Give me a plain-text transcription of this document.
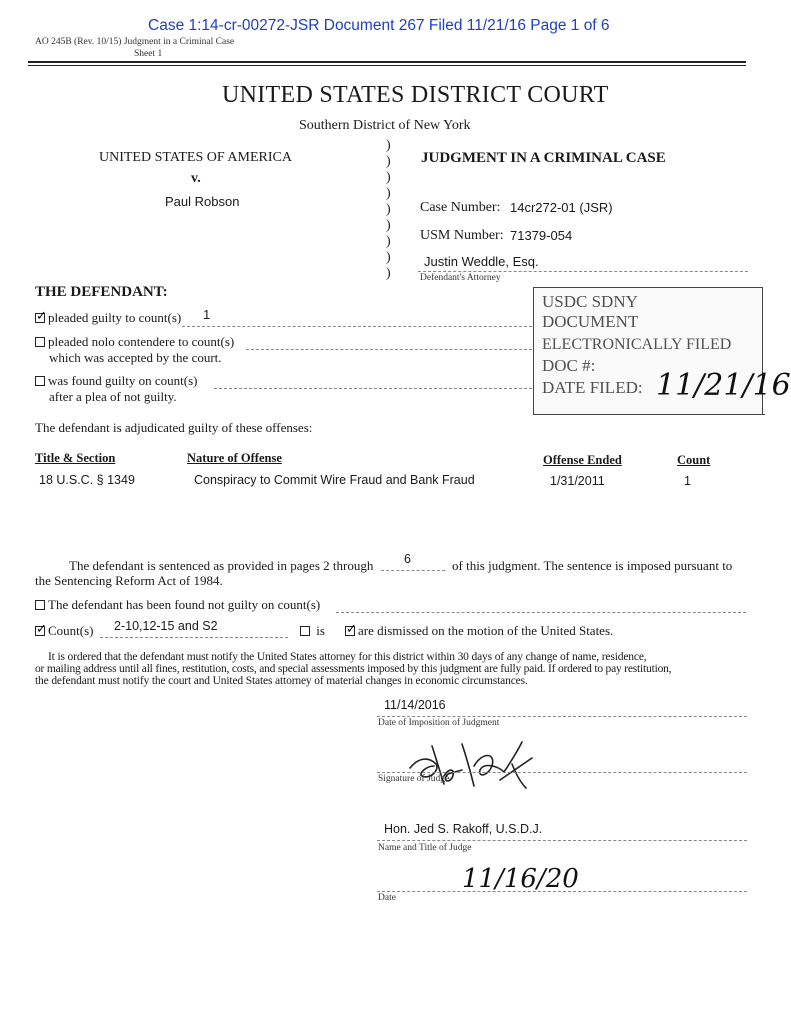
Case 1:14-cr-00272-JSR Document 267 Filed 11/21/16 Page 1 of 6
AO 245B (Rev. 10/15) Judgment in a Criminal Case
Sheet 1
UNITED STATES DISTRICT COURT
Southern District of New York
UNITED STATES OF AMERICA
v.
Paul Robson
)
)
)
)
)
)
)
)
)
JUDGMENT IN A CRIMINAL CASE
Case Number: 14cr272-01 (JSR)
USM Number: 71379-054
Justin Weddle, Esq.
Defendant's Attorney
THE DEFENDANT:
✓pleaded guilty to count(s) 1
pleaded nolo contendere to count(s)
which was accepted by the court.
was found guilty on count(s)
after a plea of not guilty.
USDC SDNY
DOCUMENT
ELECTRONICALLY FILED
DOC #:
DATE FILED: 11/21/16
The defendant is adjudicated guilty of these offenses:
Title & Section	Nature of Offense	Offense Ended	Count
18 U.S.C. § 1349	Conspiracy to Commit Wire Fraud and Bank Fraud	1/31/2011	1
The defendant is sentenced as provided in pages 2 through 6	of this judgment. The sentence is imposed pursuant to
the Sentencing Reform Act of 1984.
The defendant has been found not guilty on count(s)
✓Count(s) 2-10,12-15 and S2	is
✓	are dismissed on the motion of the United States.
It is ordered that the defendant must notify the United States attorney for this district within 30 days of any change of name, residence,
or mailing address until all fines, restitution, costs, and special assessments imposed by this judgment are fully paid. If ordered to pay restitution,
the defendant must notify the court and United States attorney of material changes in economic circumstances.
11/14/2016
Date of Imposition of Judgment
Signature of Judge
Hon. Jed S. Rakoff, U.S.D.J.
Name and Title of Judge
11/16/20
Date
